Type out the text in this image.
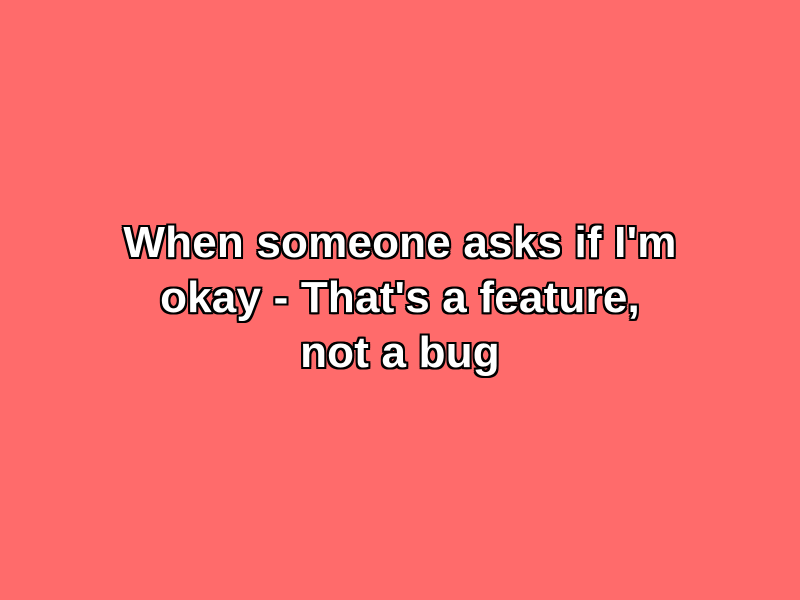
When someone asks if I'm
okay - That's a feature,
not a bug
